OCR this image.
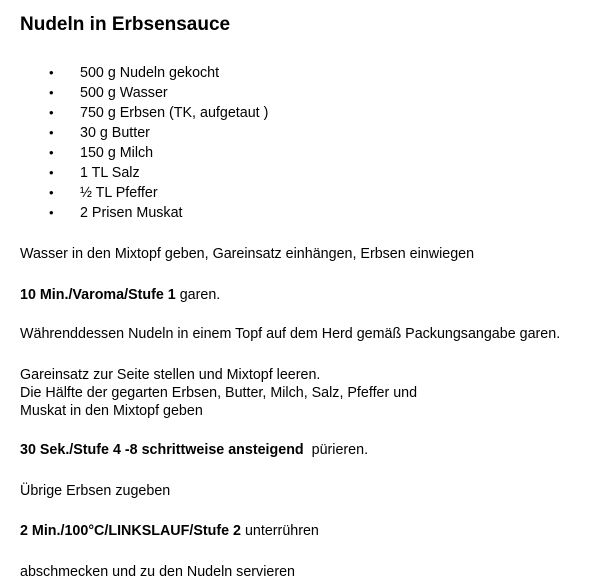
Nudeln in Erbsensauce
• 500 g Nudeln gekocht
• 500 g Wasser
• 750 g Erbsen (TK, aufgetaut )
• 30 g Butter
• 150 g Milch
• 1 TL Salz
• ½ TL Pfeffer
• 2 Prisen Muskat
Wasser in den Mixtopf geben, Gareinsatz einhängen, Erbsen einwiegen
10 Min./Varoma/Stufe 1 garen.
Währenddessen Nudeln in einem Topf auf dem Herd gemäß Packungsangabe garen.
Gareinsatz zur Seite stellen und Mixtopf leeren.
Die Hälfte der gegarten Erbsen, Butter, Milch, Salz, Pfeffer und
Muskat in den Mixtopf geben
30 Sek./Stufe 4 -8 schrittweise ansteigend  pürieren.
Übrige Erbsen zugeben
2 Min./100°C/LINKSLAUF/Stufe 2 unterrühren
abschmecken und zu den Nudeln servieren
